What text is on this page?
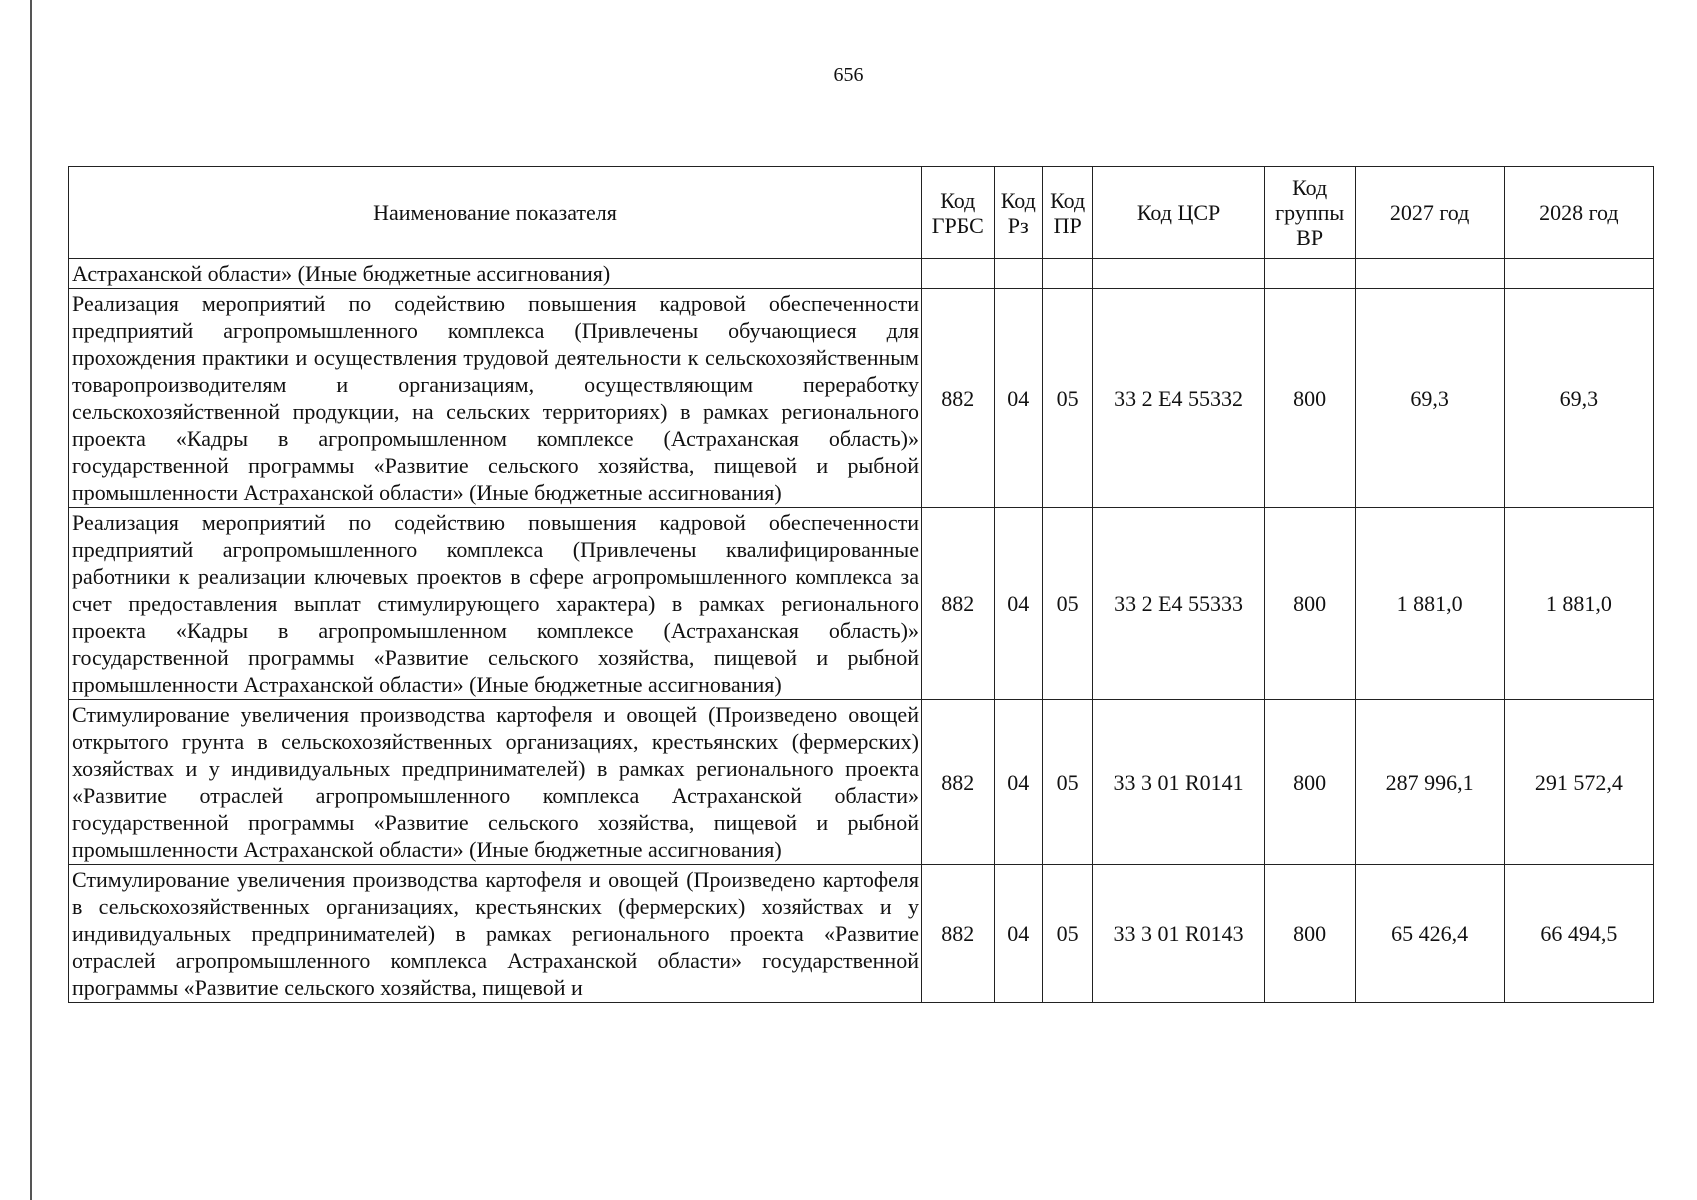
656
Наименование показателя	Код ГРБС	Код Рз	Код ПР	Код ЦСР	Код группы ВР	2027 год	2028 год
Астраханской области» (Иные бюджетные ассигнования)							
Реализация мероприятий по содействию повышения кадровой обеспеченности предприятий агропромышленного комплекса (Привлечены обучающиеся для прохождения практики и осуществления трудовой деятельности к сельскохозяйственным товаропроизводителям и организациям, осуществляющим переработку сельскохозяйственной продукции, на сельских территориях) в рамках регионального проекта «Кадры в агропромышленном комплексе (Астраханская область)» государственной программы «Развитие сельского хозяйства, пищевой и рыбной промышленности Астраханской области» (Иные бюджетные ассигнования)	882	04	05	33 2 Е4 55332	800	69,3	69,3
Реализация мероприятий по содействию повышения кадровой обеспеченности предприятий агропромышленного комплекса (Привлечены квалифицированные работники к реализации ключевых проектов в сфере агропромышленного комплекса за счет предоставления выплат стимулирующего характера) в рамках регионального проекта «Кадры в агропромышленном комплексе (Астраханская область)» государственной программы «Развитие сельского хозяйства, пищевой и рыбной промышленности Астраханской области» (Иные бюджетные ассигнования)	882	04	05	33 2 Е4 55333	800	1 881,0	1 881,0
Стимулирование увеличения производства картофеля и овощей (Произведено овощей открытого грунта в сельскохозяйственных организациях, крестьянских (фермерских) хозяйствах и у индивидуальных предпринимателей) в рамках регионального проекта «Развитие отраслей агропромышленного комплекса Астраханской области» государственной программы «Развитие сельского хозяйства, пищевой и рыбной промышленности Астраханской области» (Иные бюджетные ассигнования)	882	04	05	33 3 01 R0141	800	287 996,1	291 572,4
Стимулирование увеличения производства картофеля и овощей (Произведено картофеля в сельскохозяйственных организациях, крестьянских (фермерских) хозяйствах и у индивидуальных предпринимателей) в рамках регионального проекта «Развитие отраслей агропромышленного комплекса Астраханской области» государственной программы «Развитие сельского хозяйства, пищевой и	882	04	05	33 3 01 R0143	800	65 426,4	66 494,5
